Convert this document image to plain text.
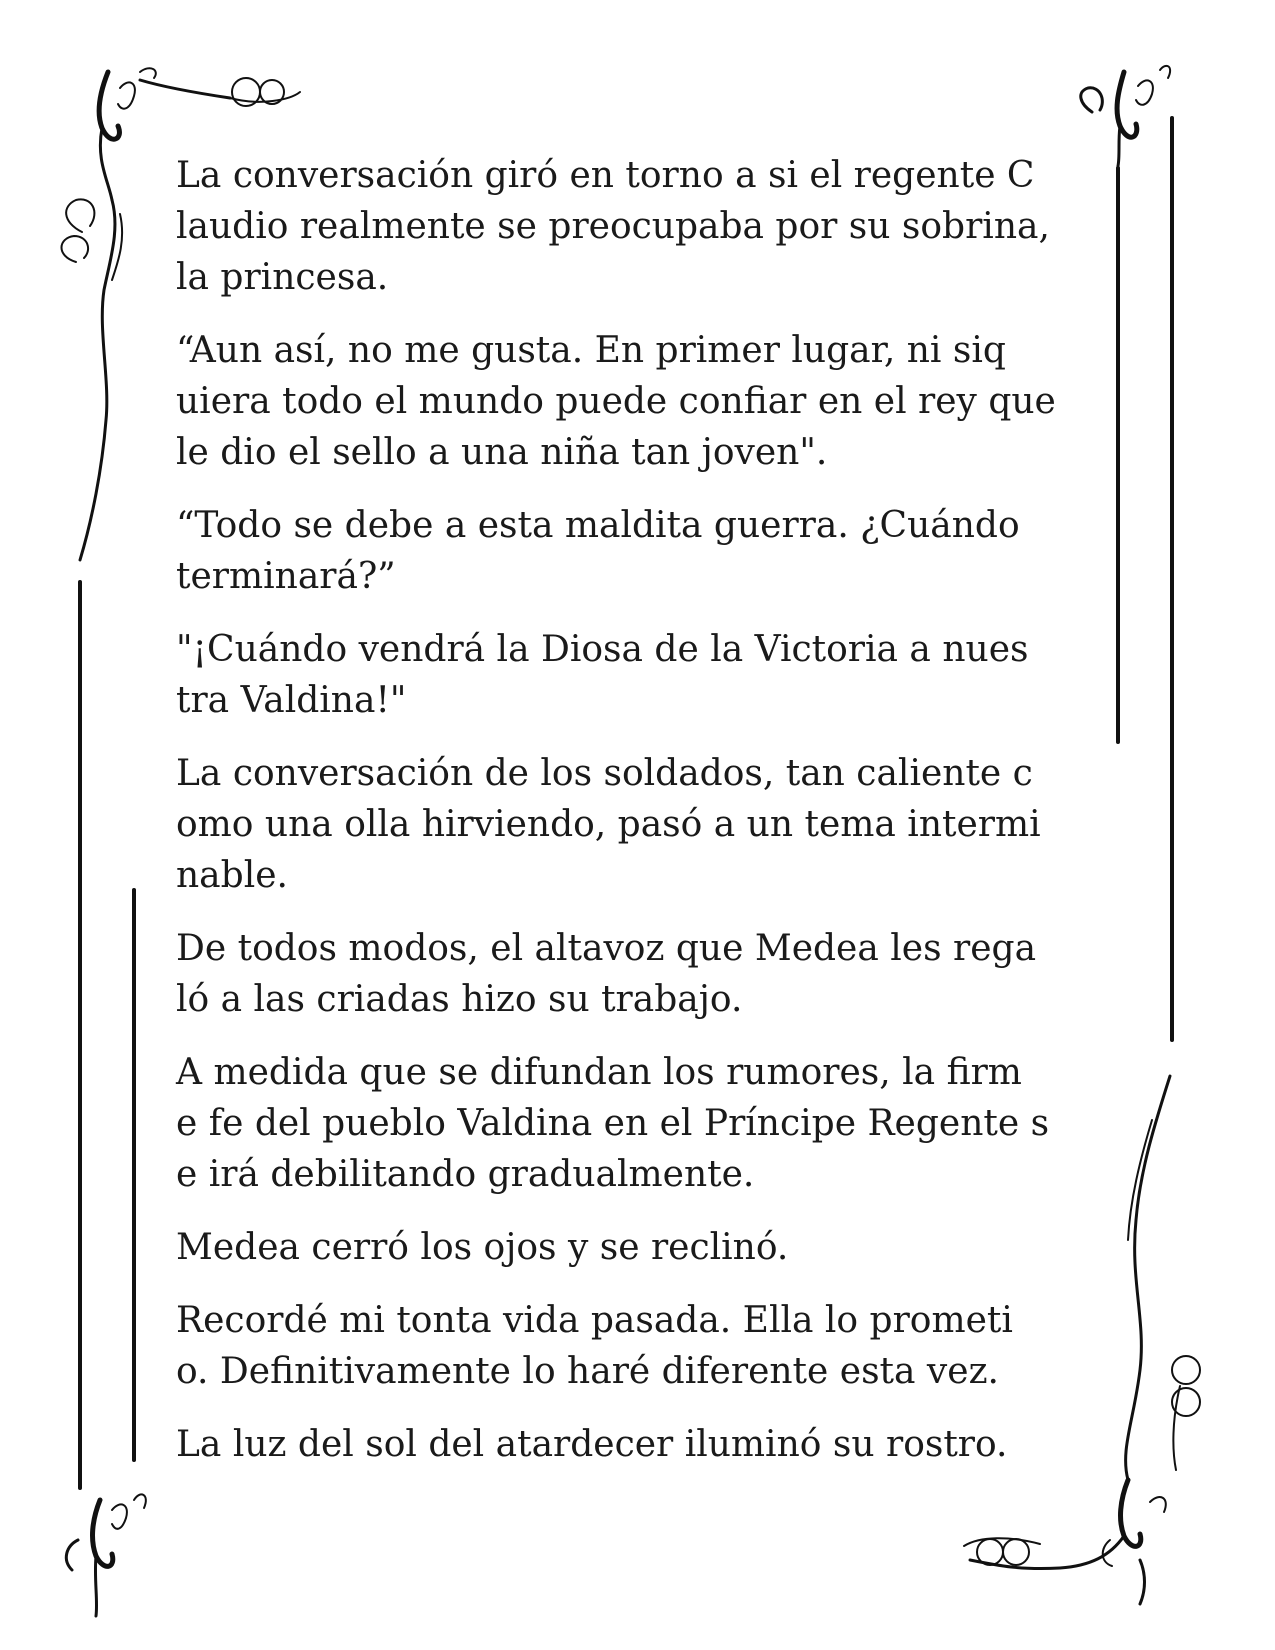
La conversación giró en torno a si el regente C
laudio realmente se preocupaba por su sobrina,
la princesa.

“Aun así, no me gusta. En primer lugar, ni siq
uiera todo el mundo puede confiar en el rey que
le dio el sello a una niña tan joven".

“Todo se debe a esta maldita guerra. ¿Cuándo
terminará?”

"¡Cuándo vendrá la Diosa de la Victoria a nues
tra Valdina!"

La conversación de los soldados, tan caliente c
omo una olla hirviendo, pasó a un tema intermi
nable.

De todos modos, el altavoz que Medea les rega
ló a las criadas hizo su trabajo.

A medida que se difundan los rumores, la firm
e fe del pueblo Valdina en el Príncipe Regente s
e irá debilitando gradualmente.

Medea cerró los ojos y se reclinó.

Recordé mi tonta vida pasada. Ella lo prometi
o. Definitivamente lo haré diferente esta vez.

La luz del sol del atardecer iluminó su rostro.
